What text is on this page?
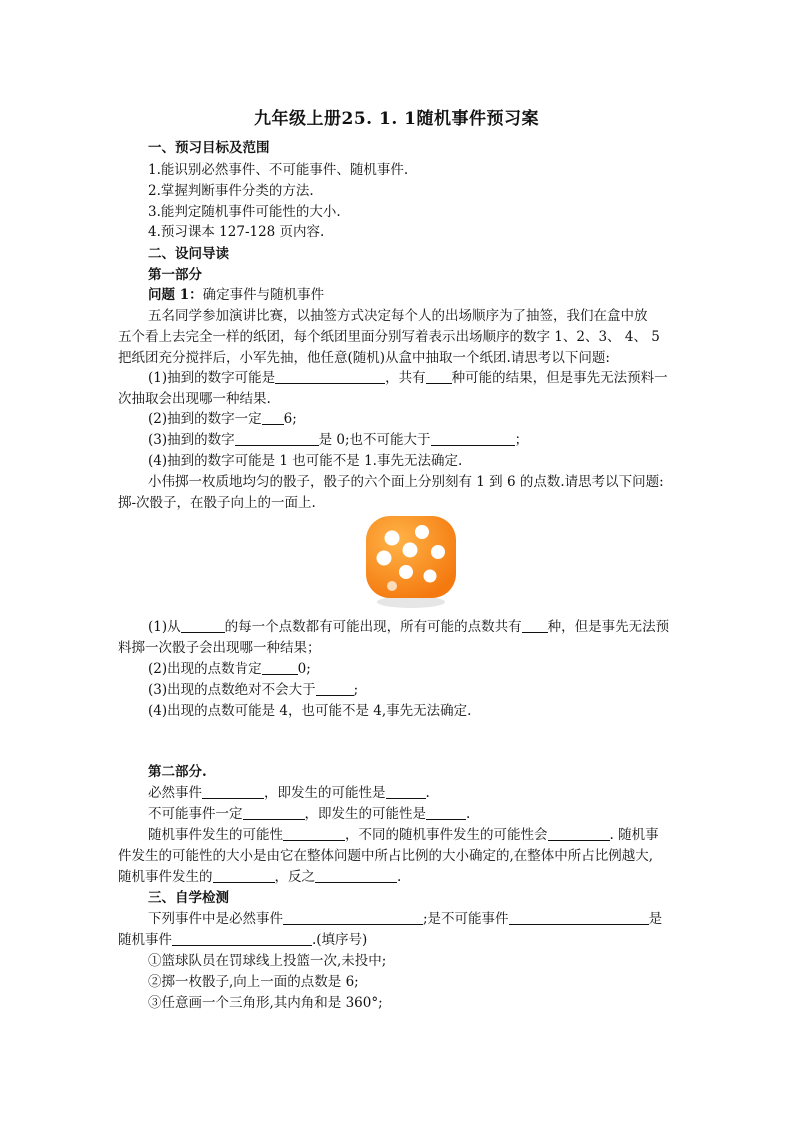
九年级上册25. 1. 1随机事件预习案
一、预习目标及范围
1.能识别必然事件、不可能事件、随机事件.
2.掌握判断事件分类的方法.
3.能判定随机事件可能性的大小.
4.预习课本 127-128 页内容.
二、设问导读
第一部分
问题 1：确定事件与随机事件
五名同学参加演讲比赛，以抽签方式决定每个人的出场顺序为了抽签，我们在盒中放
五个看上去完全一样的纸团，每个纸团里面分别写着表示出场顺序的数字 1、2、3、 4、 5
把纸团充分搅拌后，小军先抽，他任意(随机)从盒中抽取一个纸团.请思考以下问题:
(1)抽到的数字可能是	，共有 种可能的结果，但是事先无法预料一
次抽取会出现哪一种结果.
(2)抽到的数字一定 6;
(3)抽到的数字	是 0;也不可能大于	；
(4)抽到的数字可能是 1 也可能不是 1.事先无法确定.
小伟掷一枚质地均匀的骰子，骰子的六个面上分别刻有 1 到 6 的点数.请思考以下问题:
掷-次骰子，在骰子向上的一面上.
(1)从	的每一个点数都有可能出现，所有可能的点数共有 种，但是事先无法预
料掷一次骰子会出现哪一种结果；
(2)出现的点数肯定	0;
(3)出现的点数绝对不会大于	;
(4)出现的点数可能是 4，也可能不是 4,事先无法确定.
第二部分.
必然事件	，即发生的可能性是	.
不可能事件一定	，即发生的可能性是	.
随机事件发生的可能性	，不同的随机事件发生的可能性会	. 随机事
件发生的可能性的大小是由它在整体问题中所占比例的大小确定的,在整体中所占比例越大,
随机事件发生的	，反之	.
三、自学检测
下列事件中是必然事件	;是不可能事件	是
随机事件	.(填序号)
①篮球队员在罚球线上投篮一次,未投中;
②掷一枚骰子,向上一面的点数是 6;
③任意画一个三角形,其内角和是 360°;
